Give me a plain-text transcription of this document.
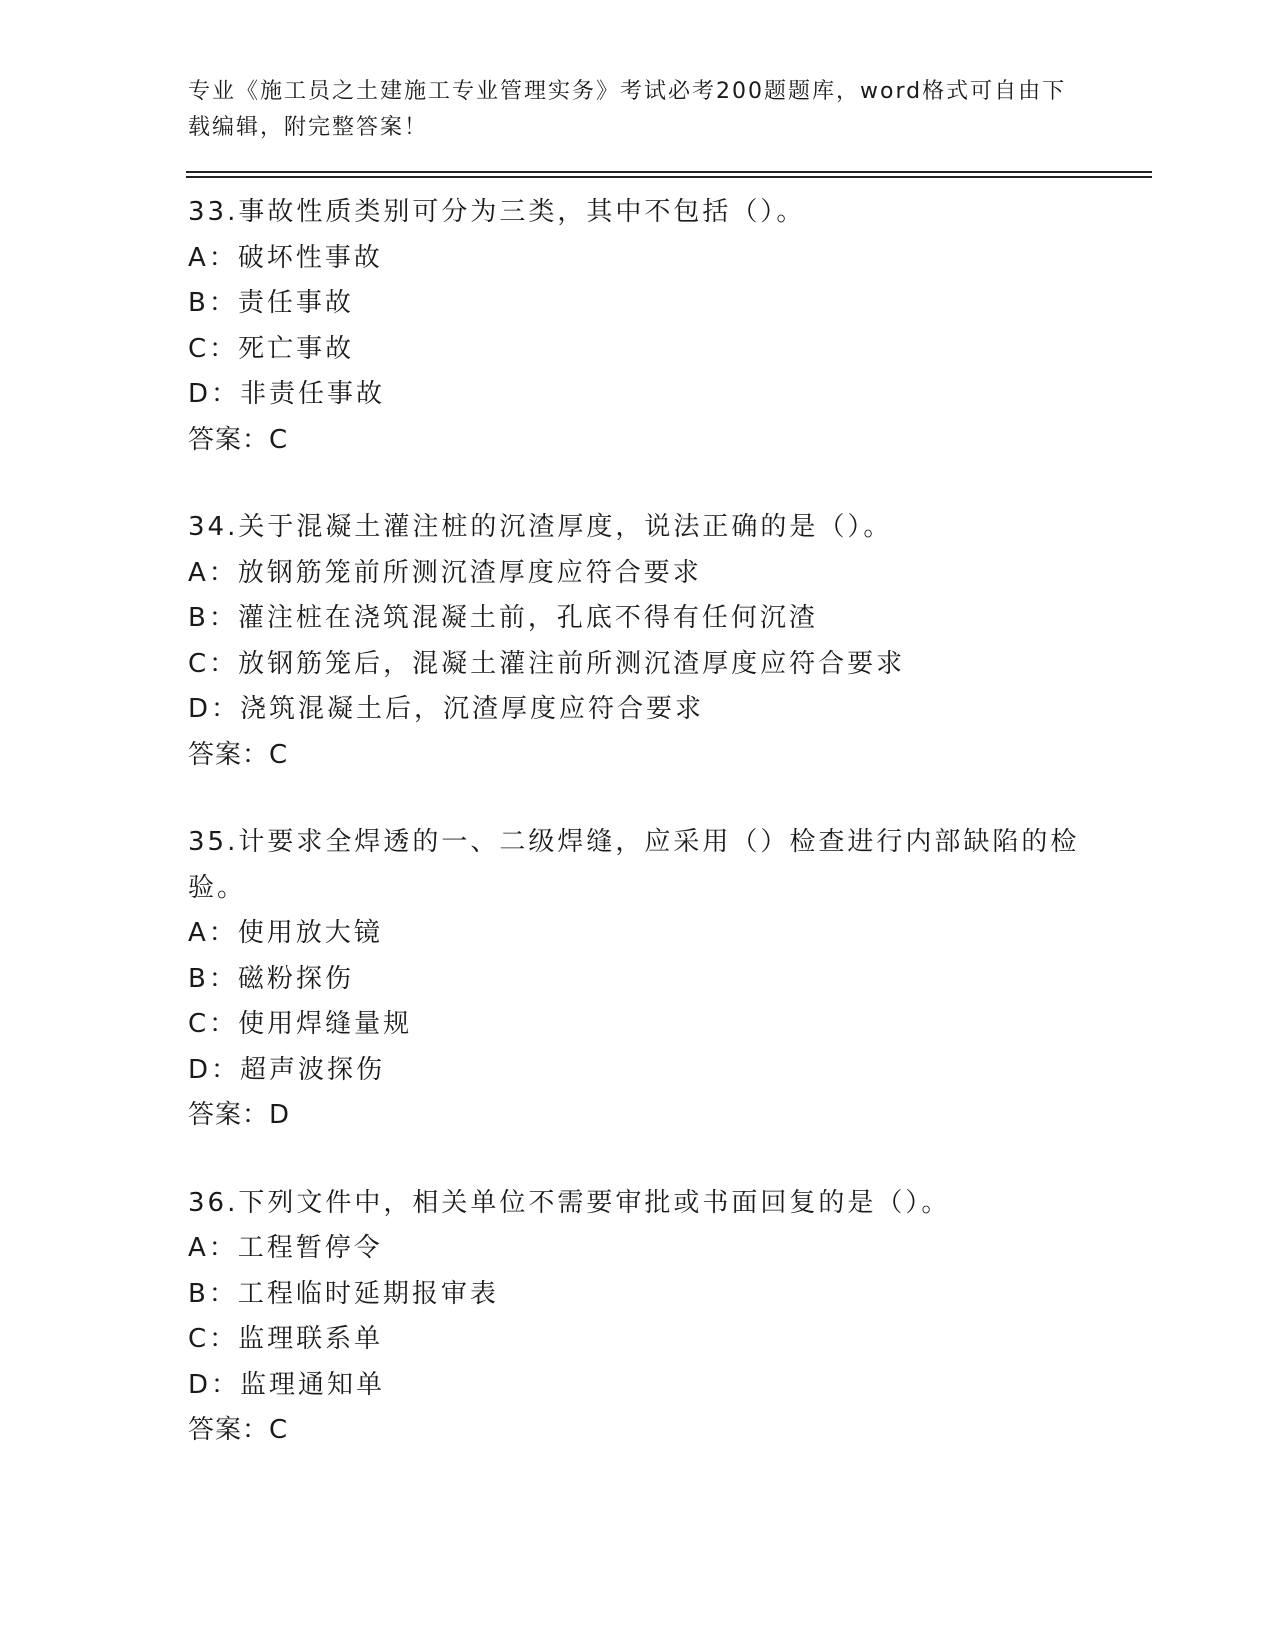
专业《施工员之土建施工专业管理实务》考试必考200题题库，word格式可自由下载编辑，附完整答案！
33.事故性质类别可分为三类，其中不包括（）。
A：破坏性事故
B：责任事故
C：死亡事故
D：非责任事故
答案：C
34.关于混凝土灌注桩的沉渣厚度，说法正确的是（）。
A：放钢筋笼前所测沉渣厚度应符合要求
B：灌注桩在浇筑混凝土前，孔底不得有任何沉渣
C：放钢筋笼后，混凝土灌注前所测沉渣厚度应符合要求
D：浇筑混凝土后，沉渣厚度应符合要求
答案：C
35.计要求全焊透的一、二级焊缝，应采用（）检查进行内部缺陷的检验。
A：使用放大镜
B：磁粉探伤
C：使用焊缝量规
D：超声波探伤
答案：D
36.下列文件中，相关单位不需要审批或书面回复的是（）。
A：工程暂停令
B：工程临时延期报审表
C：监理联系单
D：监理通知单
答案：C
